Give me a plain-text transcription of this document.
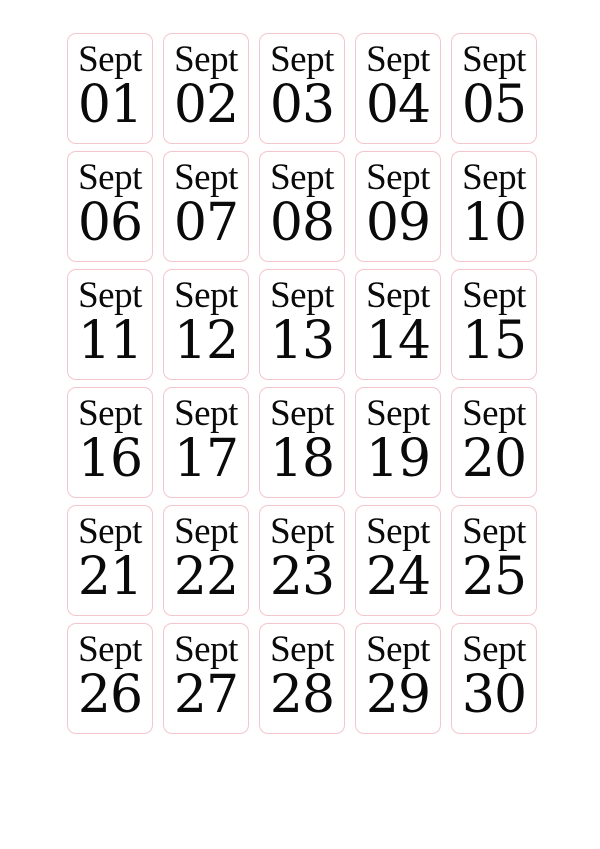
Sept
01
Sept
02
Sept
03
Sept
04
Sept
05
Sept
06
Sept
07
Sept
08
Sept
09
Sept
10
Sept
11
Sept
12
Sept
13
Sept
14
Sept
15
Sept
16
Sept
17
Sept
18
Sept
19
Sept
20
Sept
21
Sept
22
Sept
23
Sept
24
Sept
25
Sept
26
Sept
27
Sept
28
Sept
29
Sept
30
